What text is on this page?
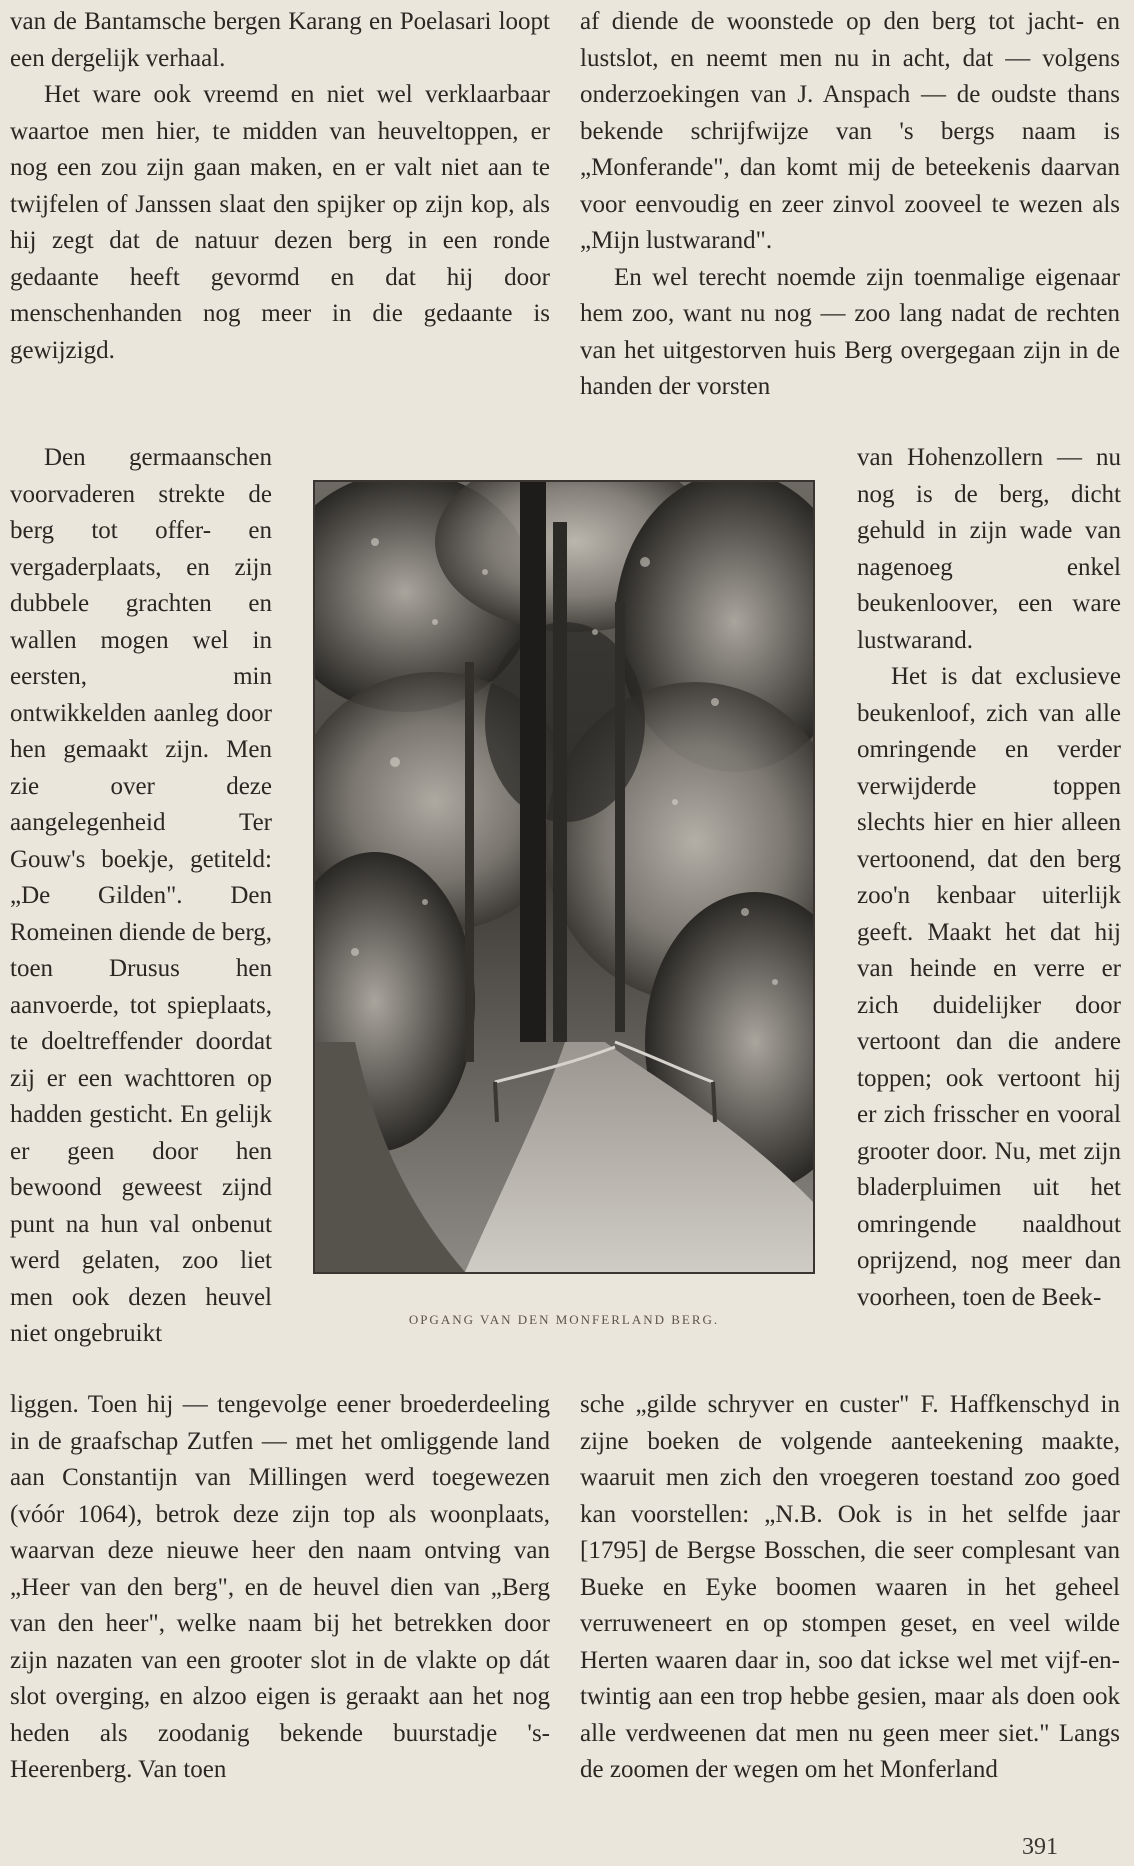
van de Bantamsche bergen Karang en Poelasari loopt een dergelijk verhaal.

Het ware ook vreemd en niet wel verklaarbaar waartoe men hier, te midden van heuveltoppen, er nog een zou zijn gaan maken, en er valt niet aan te twijfelen of Janssen slaat den spijker op zijn kop, als hij zegt dat de natuur dezen berg in een ronde gedaante heeft gevormd en dat hij door menschenhanden nog meer in die gedaante is gewijzigd.

af diende de woonstede op den berg tot jacht- en lustslot, en neemt men nu in acht, dat — volgens onderzoekingen van J. Anspach — de oudste thans bekende schrijfwijze van 's bergs naam is „Monferande", dan komt mij de beteekenis daarvan voor eenvoudig en zeer zinvol zooveel te wezen als „Mijn lustwarand".

En wel terecht noemde zijn toenmalige eigenaar hem zoo, want nu nog — zoo lang nadat de rechten van het uitgestorven huis Berg overgegaan zijn in de handen der vorsten

Den germaanschen voorvaderen strekte de berg tot offer- en vergaderplaats, en zijn dubbele grachten en wallen mogen wel in eersten, min ontwikkelden aanleg door hen gemaakt zijn. Men zie over deze aangelegenheid Ter Gouw's boekje, getiteld: „De Gilden". Den Romeinen diende de berg, toen Drusus hen aanvoerde, tot spieplaats, te doeltreffender doordat zij er een wachttoren op hadden gesticht. En gelijk er geen door hen bewoond geweest zijnd punt na hun val onbenut werd gelaten, zoo liet men ook dezen heuvel niet ongebruikt

OPGANG VAN DEN MONFERLAND BERG.

van Hohenzollern — nu nog is de berg, dicht gehuld in zijn wade van nagenoeg enkel beukenloover, een ware lustwarand.

Het is dat exclusieve beukenloof, zich van alle omringende en verder verwijderde toppen slechts hier en hier alleen vertoonend, dat den berg zoo'n kenbaar uiterlijk geeft. Maakt het dat hij van heinde en verre er zich duidelijker door vertoont dan die andere toppen; ook vertoont hij er zich frisscher en vooral grooter door. Nu, met zijn bladerpluimen uit het omringende naaldhout oprijzend, nog meer dan voorheen, toen de Beek-

liggen. Toen hij — tengevolge eener broederdeeling in de graafschap Zutfen — met het omliggende land aan Constantijn van Millingen werd toegewezen (vóór 1064), betrok deze zijn top als woonplaats, waarvan deze nieuwe heer den naam ontving van „Heer van den berg", en de heuvel dien van „Berg van den heer", welke naam bij het betrekken door zijn nazaten van een grooter slot in de vlakte op dát slot overging, en alzoo eigen is geraakt aan het nog heden als zoodanig bekende buurstadje 's-Heerenberg. Van toen

sche „gilde schryver en custer" F. Haffkenschyd in zijne boeken de volgende aanteekening maakte, waaruit men zich den vroegeren toestand zoo goed kan voorstellen: „N.B. Ook is in het selfde jaar [1795] de Bergse Bosschen, die seer complesant van Bueke en Eyke boomen waaren in het geheel verruweneert en op stompen geset, en veel wilde Herten waaren daar in, soo dat ickse wel met vijf-en-twintig aan een trop hebbe gesien, maar als doen ook alle verdweenen dat men nu geen meer siet." Langs de zoomen der wegen om het Monferland

391
